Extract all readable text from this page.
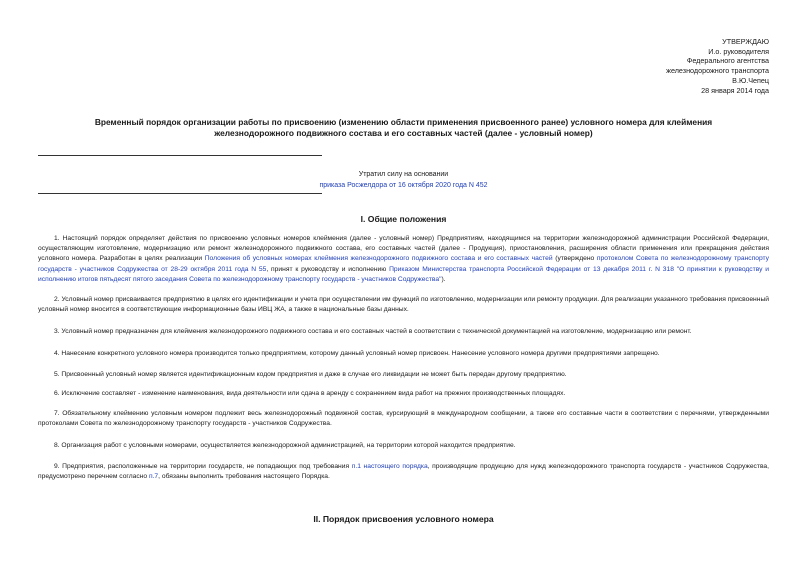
УТВЕРЖДАЮ
И.о. руководителя
Федерального агентства
железнодорожного транспорта
В.Ю.Чепец
28 января 2014 года
Временный порядок организации работы по присвоению (изменению области применения присвоенного ранее) условного номера для клеймения
железнодорожного подвижного состава и его составных частей (далее - условный номер)
Утратил силу на основании
приказа Росжелдора от 16 октября 2020 года N 452
I. Общие положения

1. Настоящий порядок определяет действия по присвоению условных номеров клеймения (далее - условный номер) Предприятиям, находящимся на территории железнодорожной администрации Российской Федерации, осуществляющим изготовление, модернизацию или ремонт железнодорожного подвижного состава, его составных частей (далее - Продукция), приостановления, расширения области применения или прекращения действия условного номера. Разработан в целях реализации Положения об условных номерах клеймения железнодорожного подвижного состава и его составных частей (утверждено протоколом Совета по железнодорожному транспорту государств - участников Содружества от 28-29 октября 2011 года N 55, принят к руководству и исполнению Приказом Министерства транспорта Российской Федерации от 13 декабря 2011 г. N 318 "О принятии к руководству и исполнению итогов пятьдесят пятого заседания Совета по железнодорожному транспорту государств - участников Содружества").

2. Условный номер присваивается предприятию в целях его идентификации и учета при осуществлении им функций по изготовлению, модернизации или ремонту продукции. Для реализации указанного требования присвоенный условный номер вносится в соответствующие информационные базы ИВЦ ЖА, а также в национальные базы данных.

3. Условный номер предназначен для клеймения железнодорожного подвижного состава и его составных частей в соответствии с технической документацией на изготовление, модернизацию или ремонт.

4. Нанесение конкретного условного номера производится только предприятием, которому данный условный номер присвоен. Нанесение условного номера другими предприятиями запрещено.

5. Присвоенный условный номер является идентификационным кодом предприятия и даже в случае его ликвидации не может быть передан другому предприятию.

6. Исключение составляет - изменение наименования, вида деятельности или сдача в аренду с сохранением вида работ на прежних производственных площадях.

7. Обязательному клеймению условным номером подлежит весь железнодорожный подвижной состав, курсирующий в международном сообщении, а также его составные части в соответствии с перечнями, утвержденными протоколами Совета по железнодорожному транспорту государств - участников Содружества.

8. Организация работ с условными номерами, осуществляется железнодорожной администрацией, на территории которой находится предприятие.

9. Предприятия, расположенные на территории государств, не попадающих под требования п.1 настоящего порядка, производящие продукцию для нужд железнодорожного транспорта государств - участников Содружества, предусмотрено перечнем согласно п.7, обязаны выполнить требования настоящего Порядка.

II. Порядок присвоения условного номера
